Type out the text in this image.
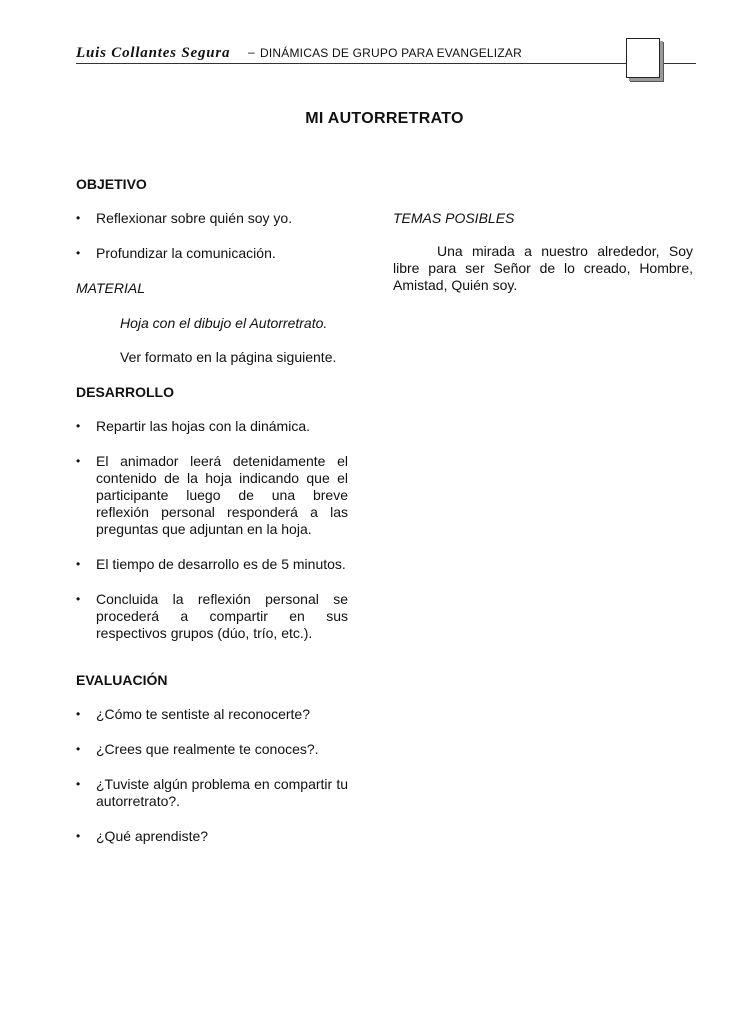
Luis Collantes Segura – DINÁMICAS DE GRUPO PARA EVANGELIZAR
MI AUTORRETRATO
OBJETIVO
• Reflexionar sobre quién soy yo.
• Profundizar la comunicación.
MATERIAL
Hoja con el dibujo el Autorretrato.
Ver formato en la página siguiente.
DESARROLLO
• Repartir las hojas con la dinámica.
• El animador leerá detenidamente el contenido de la hoja indicando que el participante luego de una breve reflexión personal responderá a las preguntas que adjuntan en la hoja.
• El tiempo de desarrollo es de 5 minutos.
• Concluida la reflexión personal se procederá a compartir en sus respectivos grupos (dúo, trío, etc.).
EVALUACIÓN
• ¿Cómo te sentiste al reconocerte?
• ¿Crees que realmente te conoces?.
• ¿Tuviste algún problema en compartir tu autorretrato?.
• ¿Qué aprendiste?
TEMAS POSIBLES
Una mirada a nuestro alrededor, Soy libre para ser Señor de lo creado, Hombre, Amistad, Quién soy.
